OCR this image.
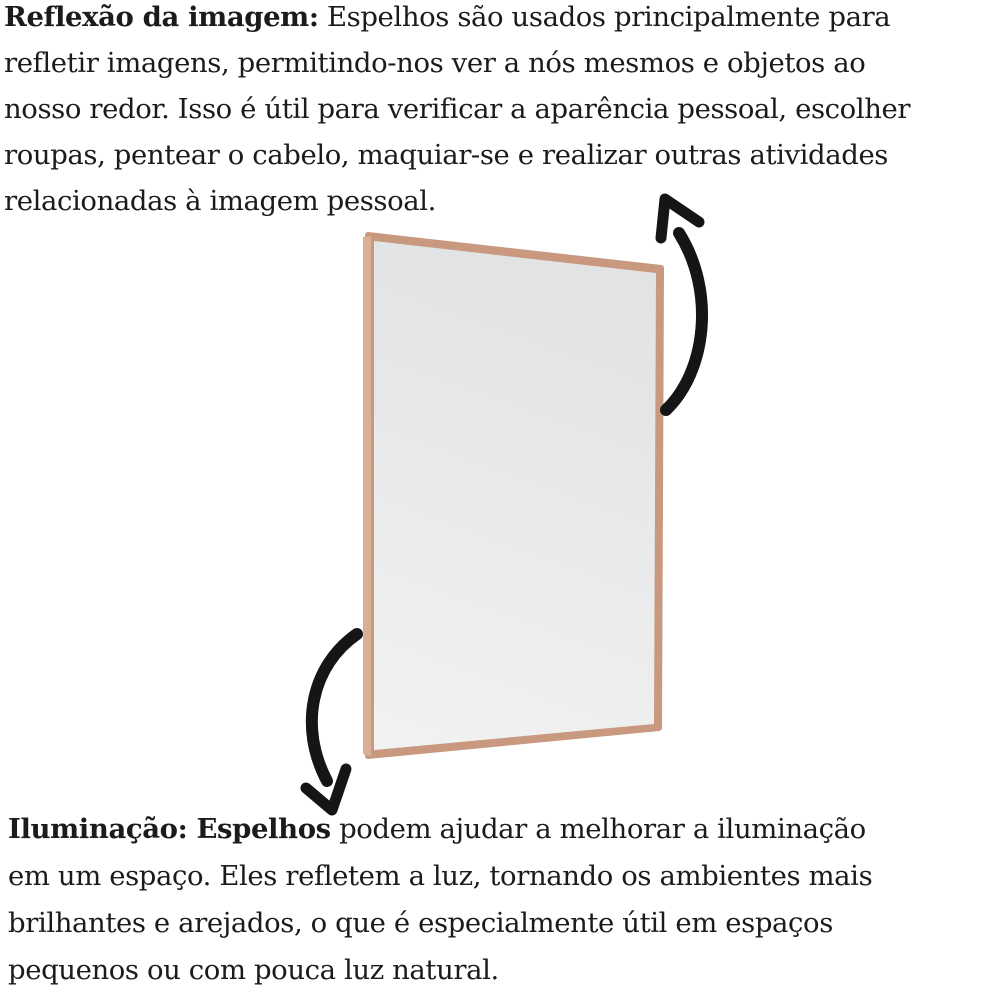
Reflexão da imagem: Espelhos são usados principalmente para
refletir imagens, permitindo-nos ver a nós mesmos e objetos ao
nosso redor. Isso é útil para verificar a aparência pessoal, escolher
roupas, pentear o cabelo, maquiar-se e realizar outras atividades
relacionadas à imagem pessoal.
Iluminação: Espelhos podem ajudar a melhorar a iluminação
em um espaço. Eles refletem a luz, tornando os ambientes mais
brilhantes e arejados, o que é especialmente útil em espaços
pequenos ou com pouca luz natural.
